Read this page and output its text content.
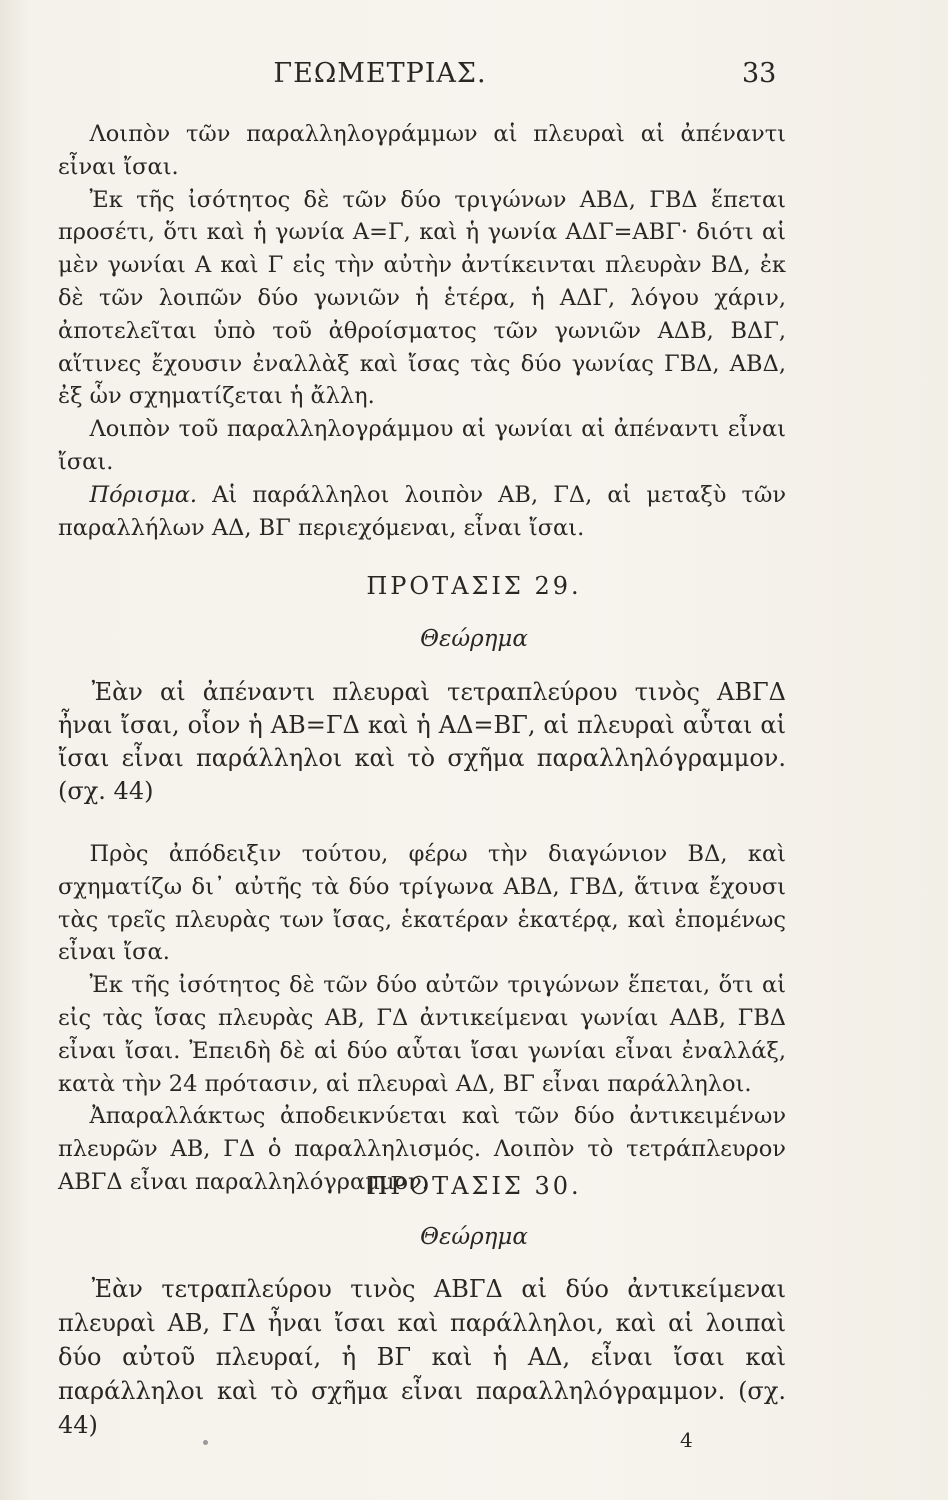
ΓΕΩΜΕΤΡΙΑΣ.	33

Λοιπὸν τῶν παραλληλογράμμων αἱ πλευραὶ αἱ ἀπέναντι εἶναι ἴσαι.

Ἐκ τῆς ἰσότητος δὲ τῶν δύο τριγώνων ΑΒΔ, ΓΒΔ ἕπεται προσέτι, ὅτι καὶ ἡ γωνία Α=Γ, καὶ ἡ γωνία ΑΔΓ=ΑΒΓ· διότι αἱ μὲν γωνίαι Α καὶ Γ εἰς τὴν αὐτὴν ἀντίκεινται πλευρὰν ΒΔ, ἐκ δὲ τῶν λοιπῶν δύο γωνιῶν ἡ ἑτέρα, ἡ ΑΔΓ, λόγου χάριν, ἀποτελεῖται ὑπὸ τοῦ ἀθροίσματος τῶν γωνιῶν ΑΔΒ, ΒΔΓ, αἵτινες ἔχουσιν ἐναλλὰξ καὶ ἴσας τὰς δύο γωνίας ΓΒΔ, ΑΒΔ, ἐξ ὧν σχηματίζεται ἡ ἄλλη.

Λοιπὸν τοῦ παραλληλογράμμου αἱ γωνίαι αἱ ἀπέναντι εἶναι ἴσαι.

Πόρισμα. Αἱ παράλληλοι λοιπὸν ΑΒ, ΓΔ, αἱ μεταξὺ τῶν παραλλήλων ΑΔ, ΒΓ περιεχόμεναι, εἶναι ἴσαι.

ΠΡΟΤΑΣΙΣ 29.
Θεώρημα

Ἐὰν αἱ ἀπέναντι πλευραὶ τετραπλεύρου τινὸς ΑΒΓΔ ἦναι ἴσαι, οἷον ἡ ΑΒ=ΓΔ καὶ ἡ ΑΔ=ΒΓ, αἱ πλευραὶ αὗται αἱ ἴσαι εἶναι παράλληλοι καὶ τὸ σχῆμα παραλληλόγραμμον. (σχ. 44)

Πρὸς ἀπόδειξιν τούτου, φέρω τὴν διαγώνιον ΒΔ, καὶ σχηματίζω δι᾽ αὐτῆς τὰ δύο τρίγωνα ΑΒΔ, ΓΒΔ, ἅτινα ἔχουσι τὰς τρεῖς πλευρὰς των ἴσας, ἑκατέραν ἑκατέρᾳ, καὶ ἑπομένως εἶναι ἴσα.

Ἐκ τῆς ἰσότητος δὲ τῶν δύο αὐτῶν τριγώνων ἕπεται, ὅτι αἱ εἰς τὰς ἴσας πλευρὰς ΑΒ, ΓΔ ἀντικείμεναι γωνίαι ΑΔΒ, ΓΒΔ εἶναι ἴσαι. Ἐπειδὴ δὲ αἱ δύο αὗται ἴσαι γωνίαι εἶναι ἐναλλάξ, κατὰ τὴν 24 πρότασιν, αἱ πλευραὶ ΑΔ, ΒΓ εἶναι παράλληλοι.

Ἀπαραλλάκτως ἀποδεικνύεται καὶ τῶν δύο ἀντικειμένων πλευρῶν ΑΒ, ΓΔ ὁ παραλληλισμός. Λοιπὸν τὸ τετράπλευρον ΑΒΓΔ εἶναι παραλληλόγραμμον.

ΠΡΟΤΑΣΙΣ 30.
Θεώρημα

Ἐὰν τετραπλεύρου τινὸς ΑΒΓΔ αἱ δύο ἀντικείμεναι πλευραὶ ΑΒ, ΓΔ ἦναι ἴσαι καὶ παράλληλοι, καὶ αἱ λοιπαὶ δύο αὐτοῦ πλευραί, ἡ ΒΓ καὶ ἡ ΑΔ, εἶναι ἴσαι καὶ παράλληλοι καὶ τὸ σχῆμα εἶναι παραλληλόγραμμον. (σχ. 44)

4
